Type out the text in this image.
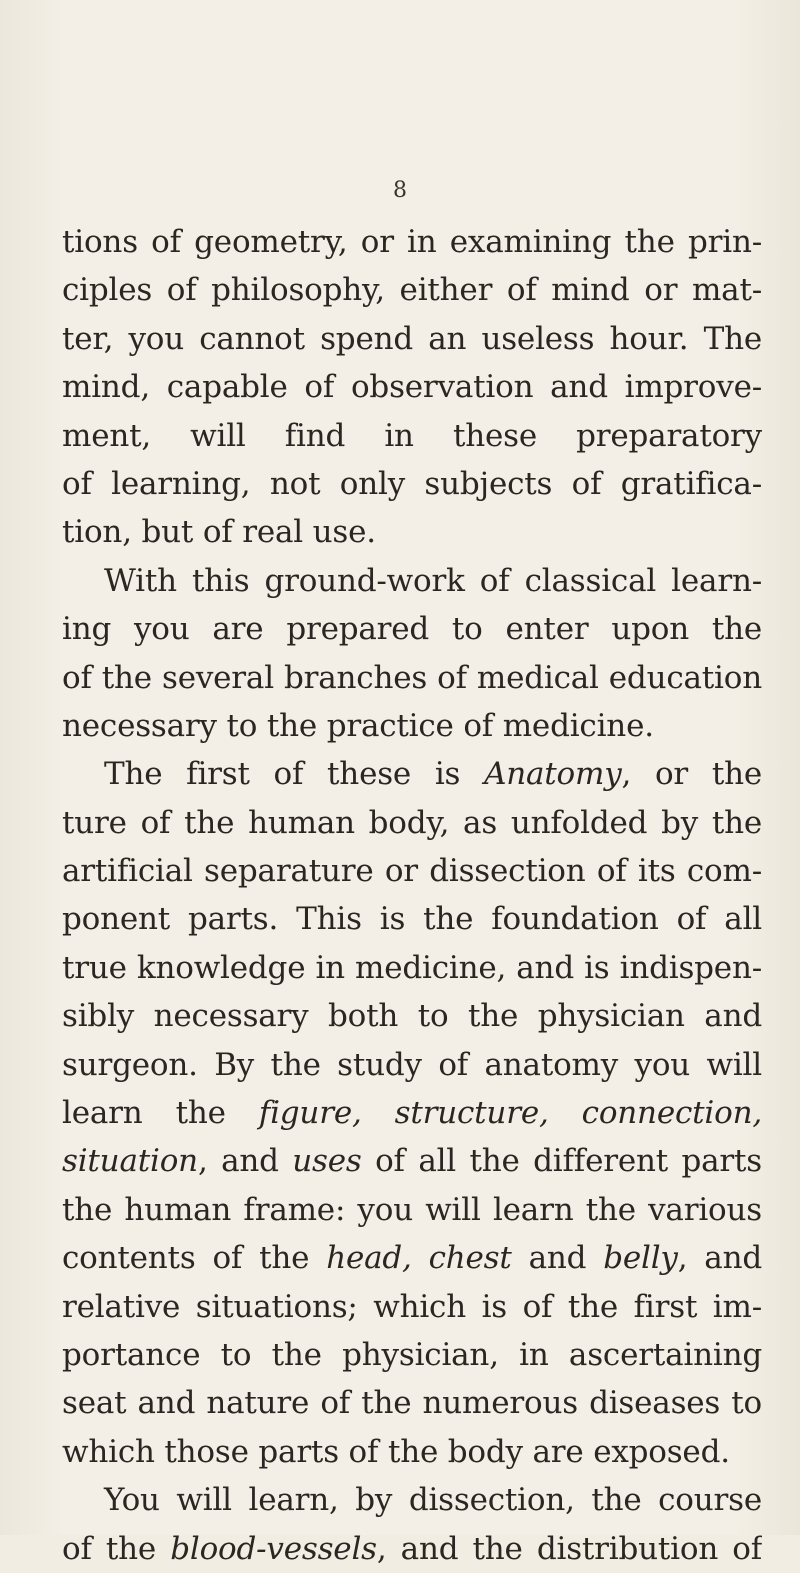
8
tions of geometry, or in examining the prin-
ciples of philosophy, either of mind or mat-
ter, you cannot spend an useless hour. The
mind, capable of observation and improve-
ment, will find in these preparatory
of learning, not only subjects of gratifica-
tion, but of real use.
With this ground-work of classical learn-
ing you are prepared to enter upon the
of the several branches of medical education
necessary to the practice of medicine.
The first of these is Anatomy, or the
ture of the human body, as unfolded by the
artificial separature or dissection of its com-
ponent parts. This is the foundation of all
true knowledge in medicine, and is indispen-
sibly necessary both to the physician and
surgeon. By the study of anatomy you will
learn the figure, structure, connection,
situation, and uses of all the different parts
the human frame: you will learn the various
contents of the head, chest and belly, and
relative situations; which is of the first im-
portance to the physician, in ascertaining
seat and nature of the numerous diseases to
which those parts of the body are exposed.
You will learn, by dissection, the course
of the blood-vessels, and the distribution of
